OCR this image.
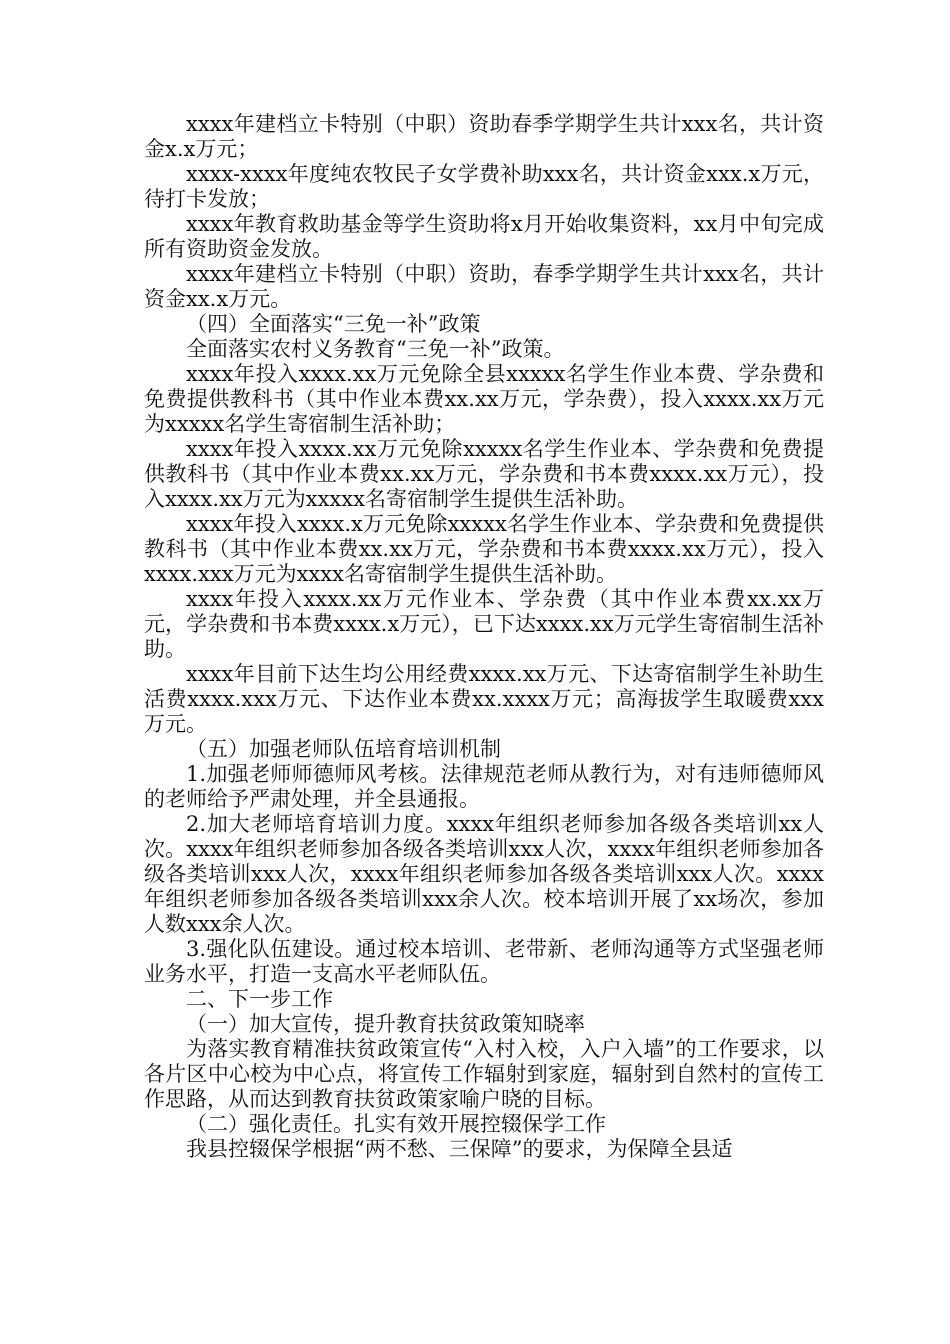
xxxx年建档立卡特别（中职）资助春季学期学生共计xxx名，共计资金x.x万元；

xxxx-xxxx年度纯农牧民子女学费补助xxx名，共计资金xxx.x万元，待打卡发放；

xxxx年教育救助基金等学生资助将x月开始收集资料，xx月中旬完成所有资助资金发放。

xxxx年建档立卡特别（中职）资助，春季学期学生共计xxx名，共计资金xx.x万元。

（四）全面落实“三免一补”政策

全面落实农村义务教育“三免一补”政策。

xxxx年投入xxxx.xx万元免除全县xxxxx名学生作业本费、学杂费和免费提供教科书（其中作业本费xx.xx万元，学杂费），投入xxxx.xx万元为xxxxx名学生寄宿制生活补助；

xxxx年投入xxxx.xx万元免除xxxxx名学生作业本、学杂费和免费提供教科书（其中作业本费xx.xx万元，学杂费和书本费xxxx.xx万元），投入xxxx.xx万元为xxxxx名寄宿制学生提供生活补助。

xxxx年投入xxxx.x万元免除xxxxx名学生作业本、学杂费和免费提供教科书（其中作业本费xx.xx万元，学杂费和书本费xxxx.xx万元），投入xxxx.xxx万元为xxxx名寄宿制学生提供生活补助。

xxxx年投入xxxx.xx万元作业本、学杂费（其中作业本费xx.xx万元，学杂费和书本费xxxx.x万元），已下达xxxx.xx万元学生寄宿制生活补助。

xxxx年目前下达生均公用经费xxxx.xx万元、下达寄宿制学生补助生活费xxxx.xxx万元、下达作业本费xx.xxxx万元；高海拔学生取暖费xxx万元。

（五）加强老师队伍培育培训机制

1.加强老师师德师风考核。法律规范老师从教行为，对有违师德师风的老师给予严肃处理，并全县通报。

2.加大老师培育培训力度。xxxx年组织老师参加各级各类培训xx人次。xxxx年组织老师参加各级各类培训xxx人次，xxxx年组织老师参加各级各类培训xxx人次，xxxx年组织老师参加各级各类培训xxx人次。xxxx年组织老师参加各级各类培训xxx余人次。校本培训开展了xx场次，参加人数xxx余人次。

3.强化队伍建设。通过校本培训、老带新、老师沟通等方式坚强老师业务水平，打造一支高水平老师队伍。

二、下一步工作

（一）加大宣传，提升教育扶贫政策知晓率

为落实教育精准扶贫政策宣传“入村入校，入户入墙”的工作要求，以各片区中心校为中心点，将宣传工作辐射到家庭，辐射到自然村的宣传工作思路，从而达到教育扶贫政策家喻户晓的目标。

（二）强化责任。扎实有效开展控辍保学工作

我县控辍保学根据“两不愁、三保障”的要求，为保障全县适
